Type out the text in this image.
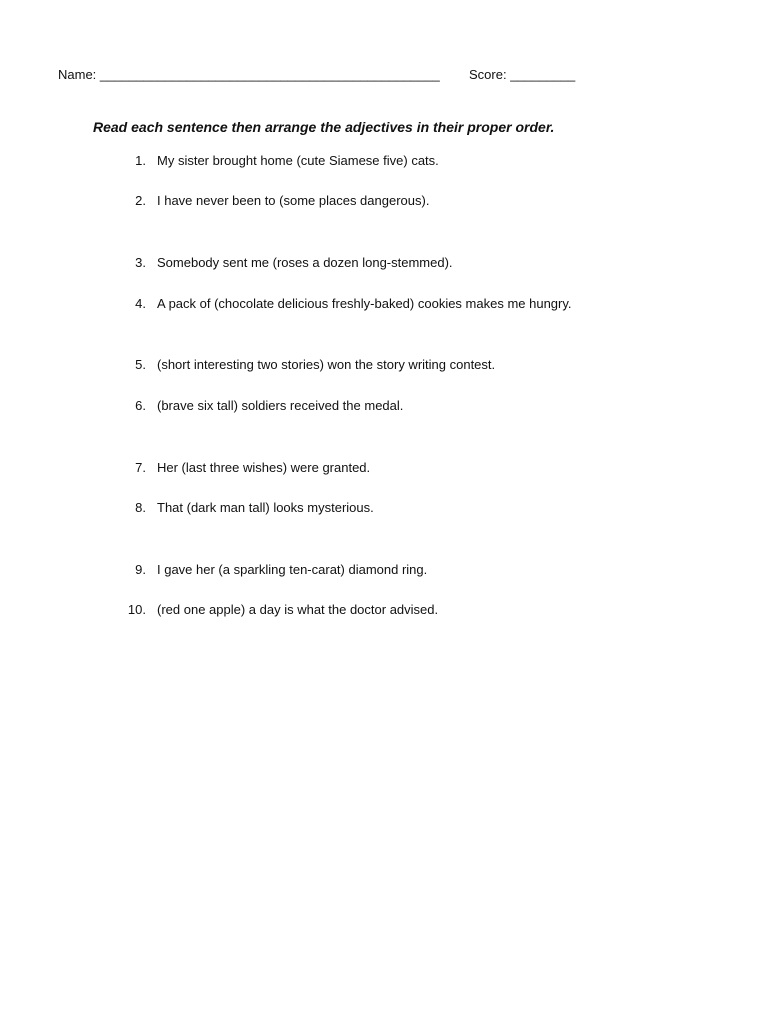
Name: _______________________________________________ Score: _________
Read each sentence then arrange the adjectives in their proper order.
1. My sister brought home (cute Siamese five) cats.
2. I have never been to (some places dangerous).
3. Somebody sent me (roses a dozen long-stemmed).
4. A pack of (chocolate delicious freshly-baked) cookies makes me hungry.
5. (short interesting two stories) won the story writing contest.
6. (brave six tall) soldiers received the medal.
7. Her (last three wishes) were granted.
8. That (dark man tall) looks mysterious.
9. I gave her (a sparkling ten-carat) diamond ring.
10. (red one apple) a day is what the doctor advised.
